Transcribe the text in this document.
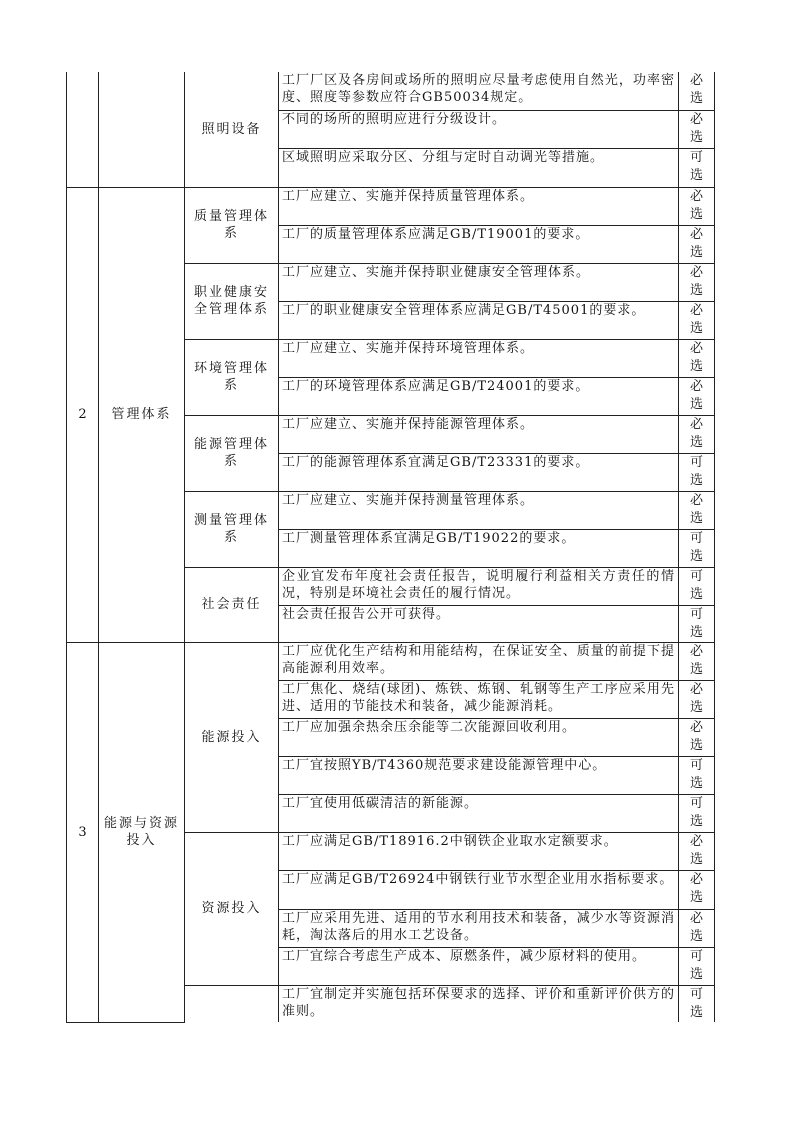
		照明设备	工厂厂区及各房间或场所的照明应尽量考虑使用自然光，功率密度、照度等参数应符合GB50034规定。	必选

			不同的场所的照明应进行分级设计。	必选

			区域照明应采取分区、分组与定时自动调光等措施。	可选

2	管理体系	质量管理体系	工厂应建立、实施并保持质量管理体系。	必选

			工厂的质量管理体系应满足GB/T19001的要求。	必选

		职业健康安全管理体系	工厂应建立、实施并保持职业健康安全管理体系。	必选

			工厂的职业健康安全管理体系应满足GB/T45001的要求。	必选

		环境管理体系	工厂应建立、实施并保持环境管理体系。	必选

			工厂的环境管理体系应满足GB/T24001的要求。	必选

		能源管理体系	工厂应建立、实施并保持能源管理体系。	必选

			工厂的能源管理体系宜满足GB/T23331的要求。	可选

		测量管理体系	工厂应建立、实施并保持测量管理体系。	必选

			工厂测量管理体系宜满足GB/T19022的要求。	可选

		社会责任	企业宜发布年度社会责任报告，说明履行利益相关方责任的情况，特别是环境社会责任的履行情况。	可选

			社会责任报告公开可获得。	可选

3	能源与资源投入	能源投入	工厂应优化生产结构和用能结构，在保证安全、质量的前提下提高能源利用效率。	必选

			工厂焦化、烧结(球团)、炼铁、炼钢、轧钢等生产工序应采用先进、适用的节能技术和装备，减少能源消耗。	必选

			工厂应加强余热余压余能等二次能源回收利用。	必选

			工厂宜按照YB/T4360规范要求建设能源管理中心。	可选

			工厂宜使用低碳清洁的新能源。	可选

		资源投入	工厂应满足GB/T18916.2中钢铁企业取水定额要求。	必选

			工厂应满足GB/T26924中钢铁行业节水型企业用水指标要求。	必选

			工厂应采用先进、适用的节水利用技术和装备，减少水等资源消耗，淘汰落后的用水工艺设备。	必选

			工厂宜综合考虑生产成本、原燃条件，减少原材料的使用。	可选

			工厂宜制定并实施包括环保要求的选择、评价和重新评价供方的准则。	可选
